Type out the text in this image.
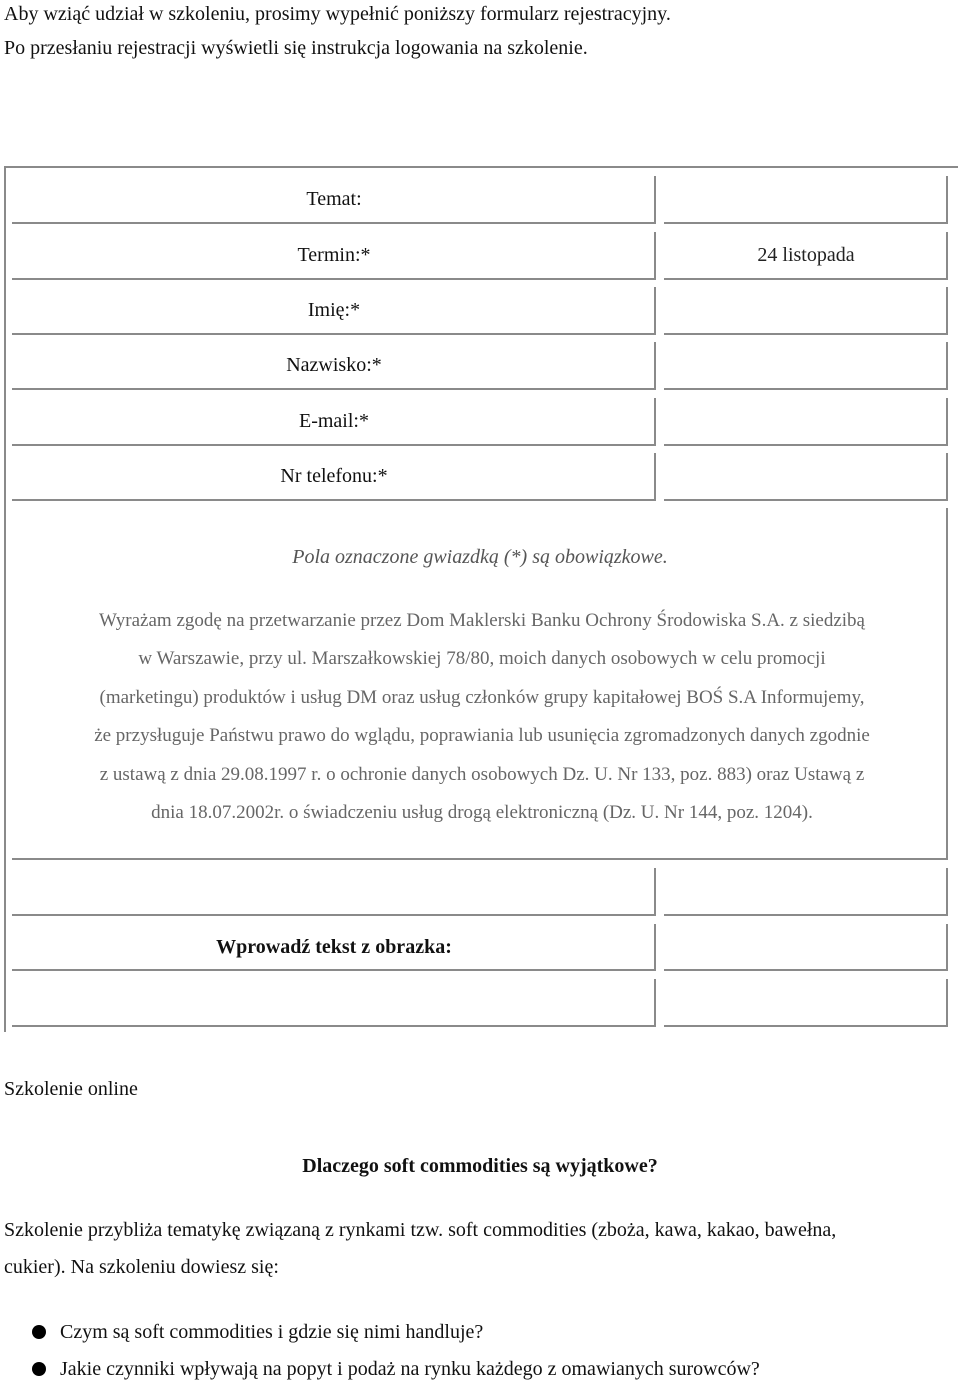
Aby wziąć udział w szkoleniu, prosimy wypełnić poniższy formularz rejestracyjny.
Po przesłaniu rejestracji wyświetli się instrukcja logowania na szkolenie.
Temat:
Termin:*
Imię:*
Nazwisko:*
E-mail:*
Nr telefonu:*
24 listopada
Pola oznaczone gwiazdką (*) są obowiązkowe.
Wyrażam zgodę na przetwarzanie przez Dom Maklerski Banku Ochrony Środowiska S.A. z siedzibą
w Warszawie, przy ul. Marszałkowskiej 78/80, moich danych osobowych w celu promocji
(marketingu) produktów i usług DM oraz usług członków grupy kapitałowej BOŚ S.A Informujemy,
że przysługuje Państwu prawo do wglądu, poprawiania lub usunięcia zgromadzonych danych zgodnie
z ustawą z dnia 29.08.1997 r. o ochronie danych osobowych Dz. U. Nr 133, poz. 883) oraz Ustawą z
dnia 18.07.2002r. o świadczeniu usług drogą elektroniczną (Dz. U. Nr 144, poz. 1204).
Wprowadź tekst z obrazka:
Szkolenie online
Dlaczego soft commodities są wyjątkowe?
Szkolenie przybliża tematykę związaną z rynkami tzw. soft commodities (zboża, kawa, kakao, bawełna,
cukier). Na szkoleniu dowiesz się:
Czym są soft commodities i gdzie się nimi handluje?
Jakie czynniki wpływają na popyt i podaż na rynku każdego z omawianych surowców?
